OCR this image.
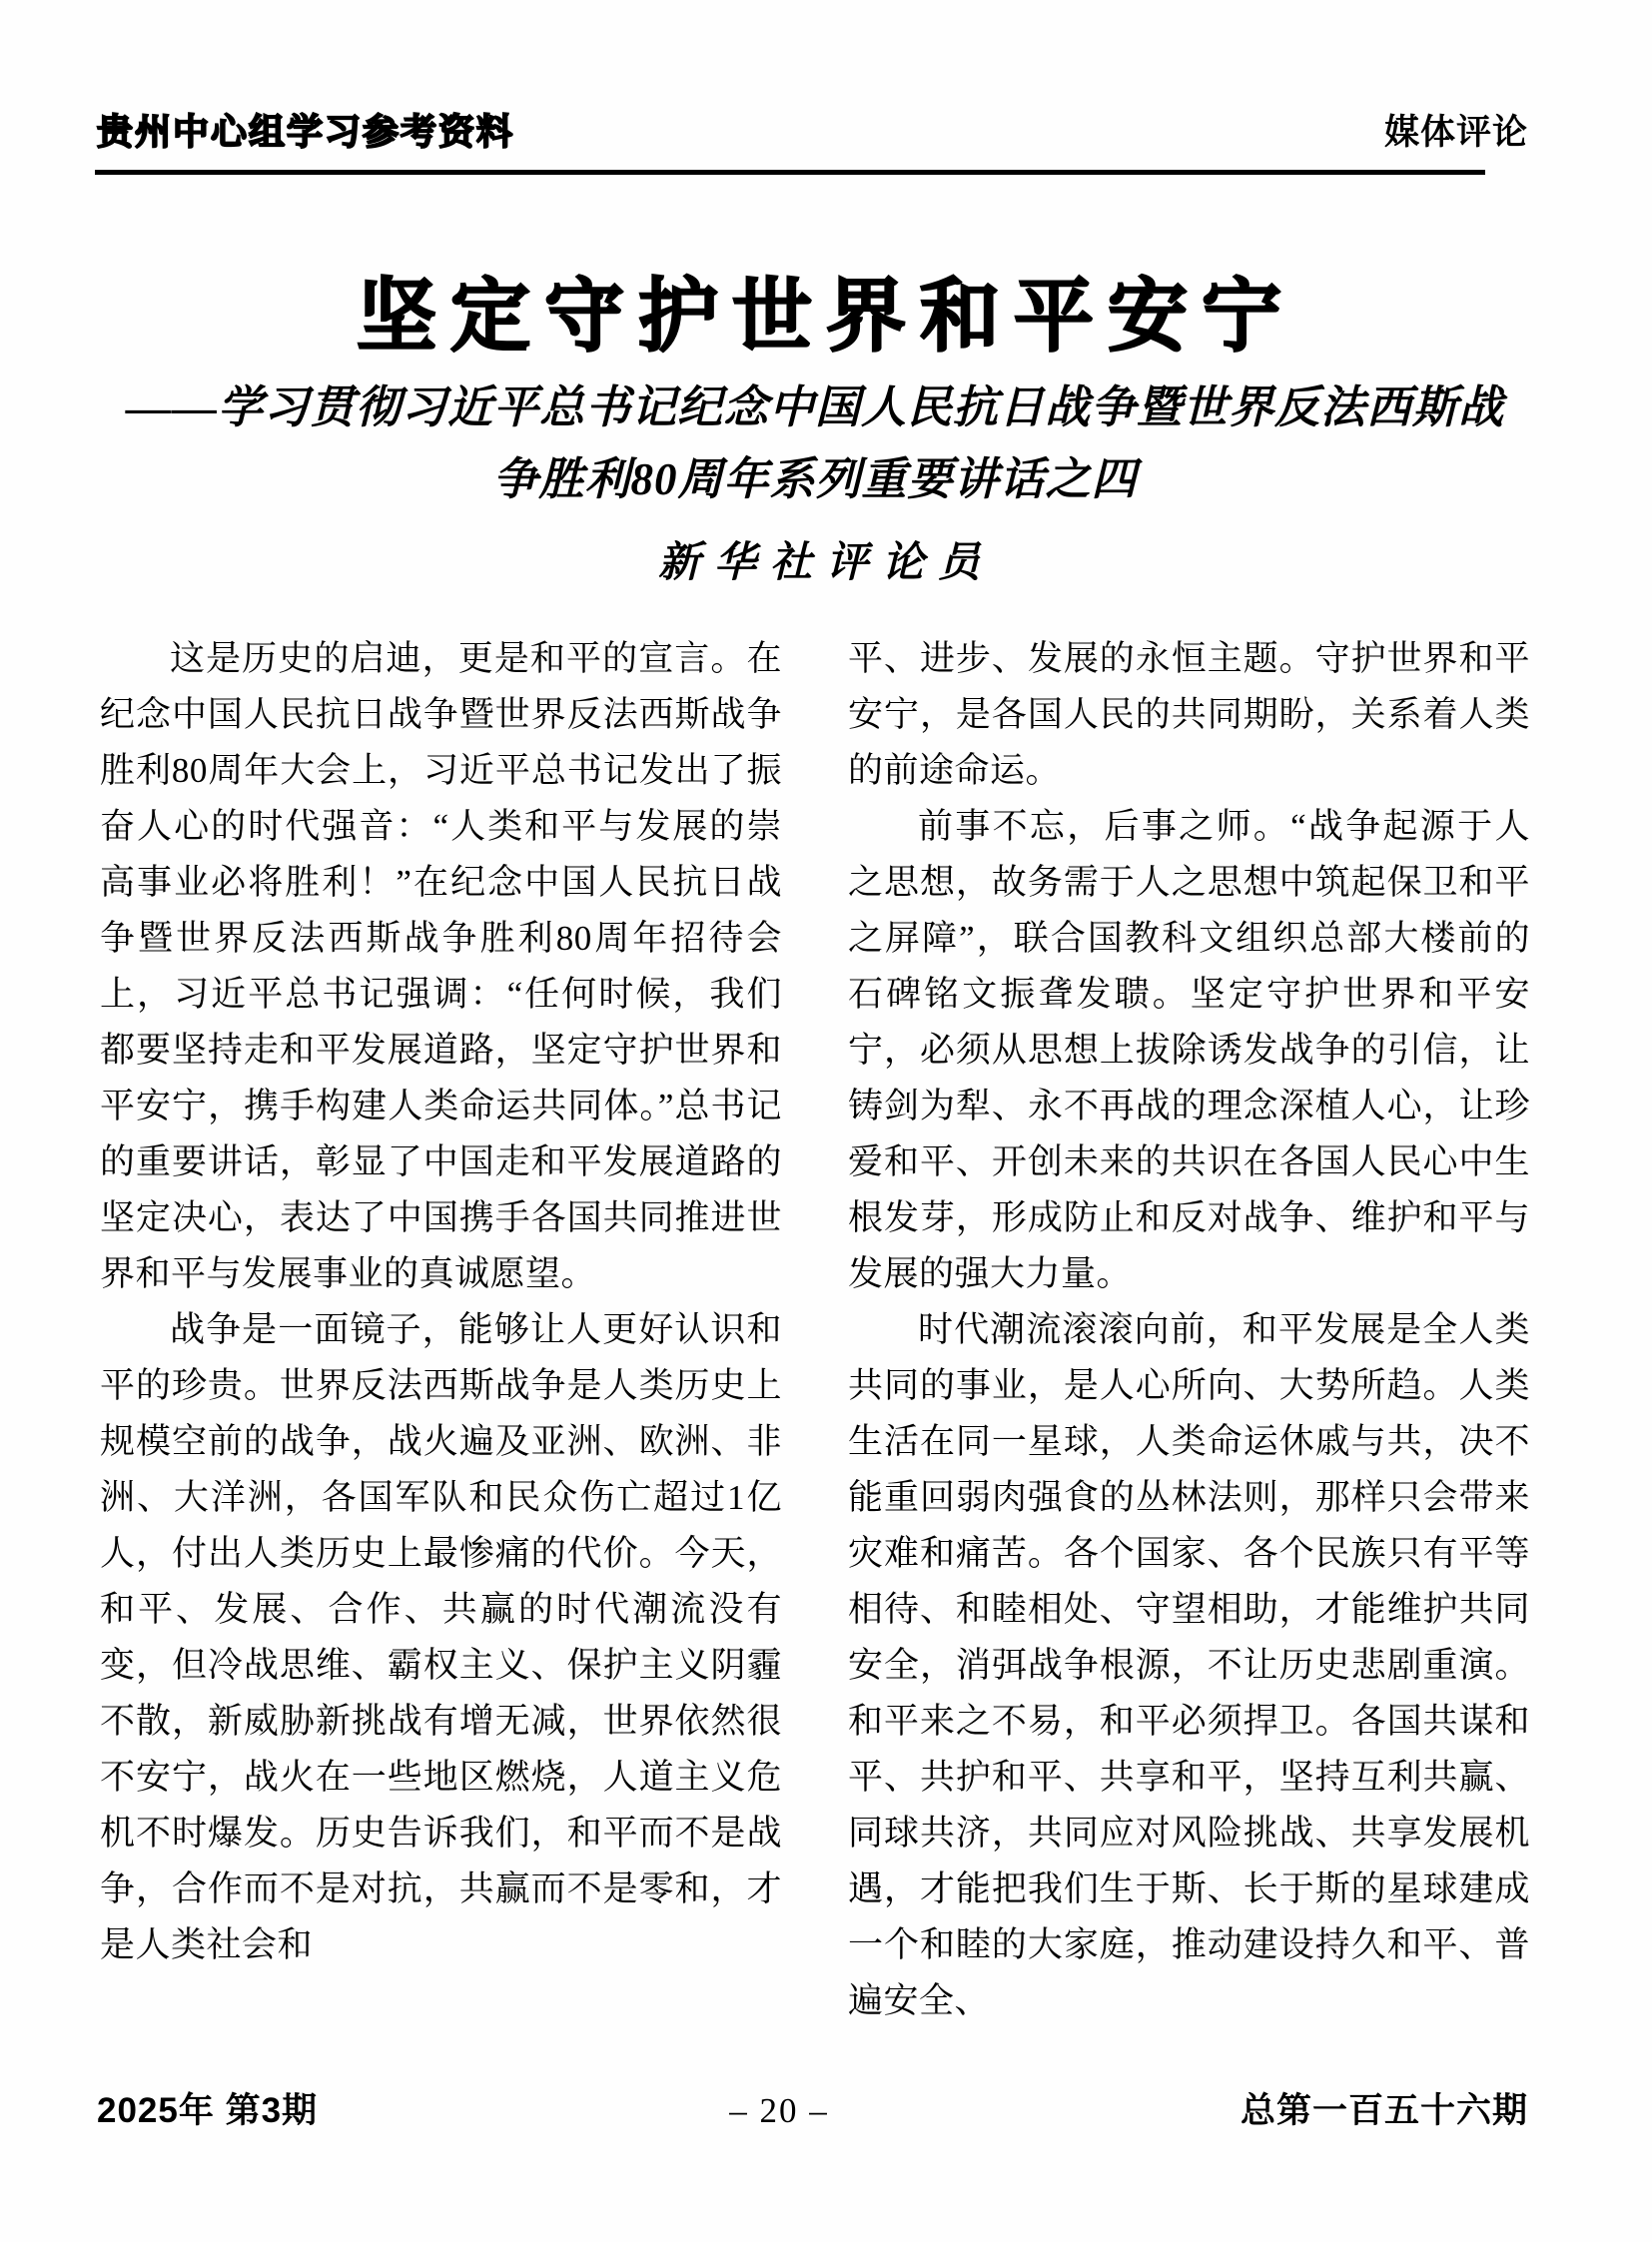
贵州中心组学习参考资料	媒体评论
坚定守护世界和平安宁
——学习贯彻习近平总书记纪念中国人民抗日战争暨世界反法西斯战
争胜利80周年系列重要讲话之四
新华社评论员

这是历史的启迪，更是和平的宣言。在纪念中国人民抗日战争暨世界反法西斯战争胜利80周年大会上，习近平总书记发出了振奋人心的时代强音：“人类和平与发展的崇高事业必将胜利！”在纪念中国人民抗日战争暨世界反法西斯战争胜利80周年招待会上，习近平总书记强调：“任何时候，我们都要坚持走和平发展道路，坚定守护世界和平安宁，携手构建人类命运共同体。”总书记的重要讲话，彰显了中国走和平发展道路的坚定决心，表达了中国携手各国共同推进世界和平与发展事业的真诚愿望。

战争是一面镜子，能够让人更好认识和平的珍贵。世界反法西斯战争是人类历史上规模空前的战争，战火遍及亚洲、欧洲、非洲、大洋洲，各国军队和民众伤亡超过1亿人，付出人类历史上最惨痛的代价。今天，和平、发展、合作、共赢的时代潮流没有变，但冷战思维、霸权主义、保护主义阴霾不散，新威胁新挑战有增无减，世界依然很不安宁，战火在一些地区燃烧，人道主义危机不时爆发。历史告诉我们，和平而不是战争，合作而不是对抗，共赢而不是零和，才是人类社会和

平、进步、发展的永恒主题。守护世界和平安宁，是各国人民的共同期盼，关系着人类的前途命运。

前事不忘，后事之师。“战争起源于人之思想，故务需于人之思想中筑起保卫和平之屏障”，联合国教科文组织总部大楼前的石碑铭文振聋发聩。坚定守护世界和平安宁，必须从思想上拔除诱发战争的引信，让铸剑为犁、永不再战的理念深植人心，让珍爱和平、开创未来的共识在各国人民心中生根发芽，形成防止和反对战争、维护和平与发展的强大力量。

时代潮流滚滚向前，和平发展是全人类共同的事业，是人心所向、大势所趋。人类生活在同一星球，人类命运休戚与共，决不能重回弱肉强食的丛林法则，那样只会带来灾难和痛苦。各个国家、各个民族只有平等相待、和睦相处、守望相助，才能维护共同安全，消弭战争根源，不让历史悲剧重演。和平来之不易，和平必须捍卫。各国共谋和平、共护和平、共享和平，坚持互利共赢、同球共济，共同应对风险挑战、共享发展机遇，才能把我们生于斯、长于斯的星球建成一个和睦的大家庭，推动建设持久和平、普遍安全、

2025年 第3期	– 20 –	总第一百五十六期
